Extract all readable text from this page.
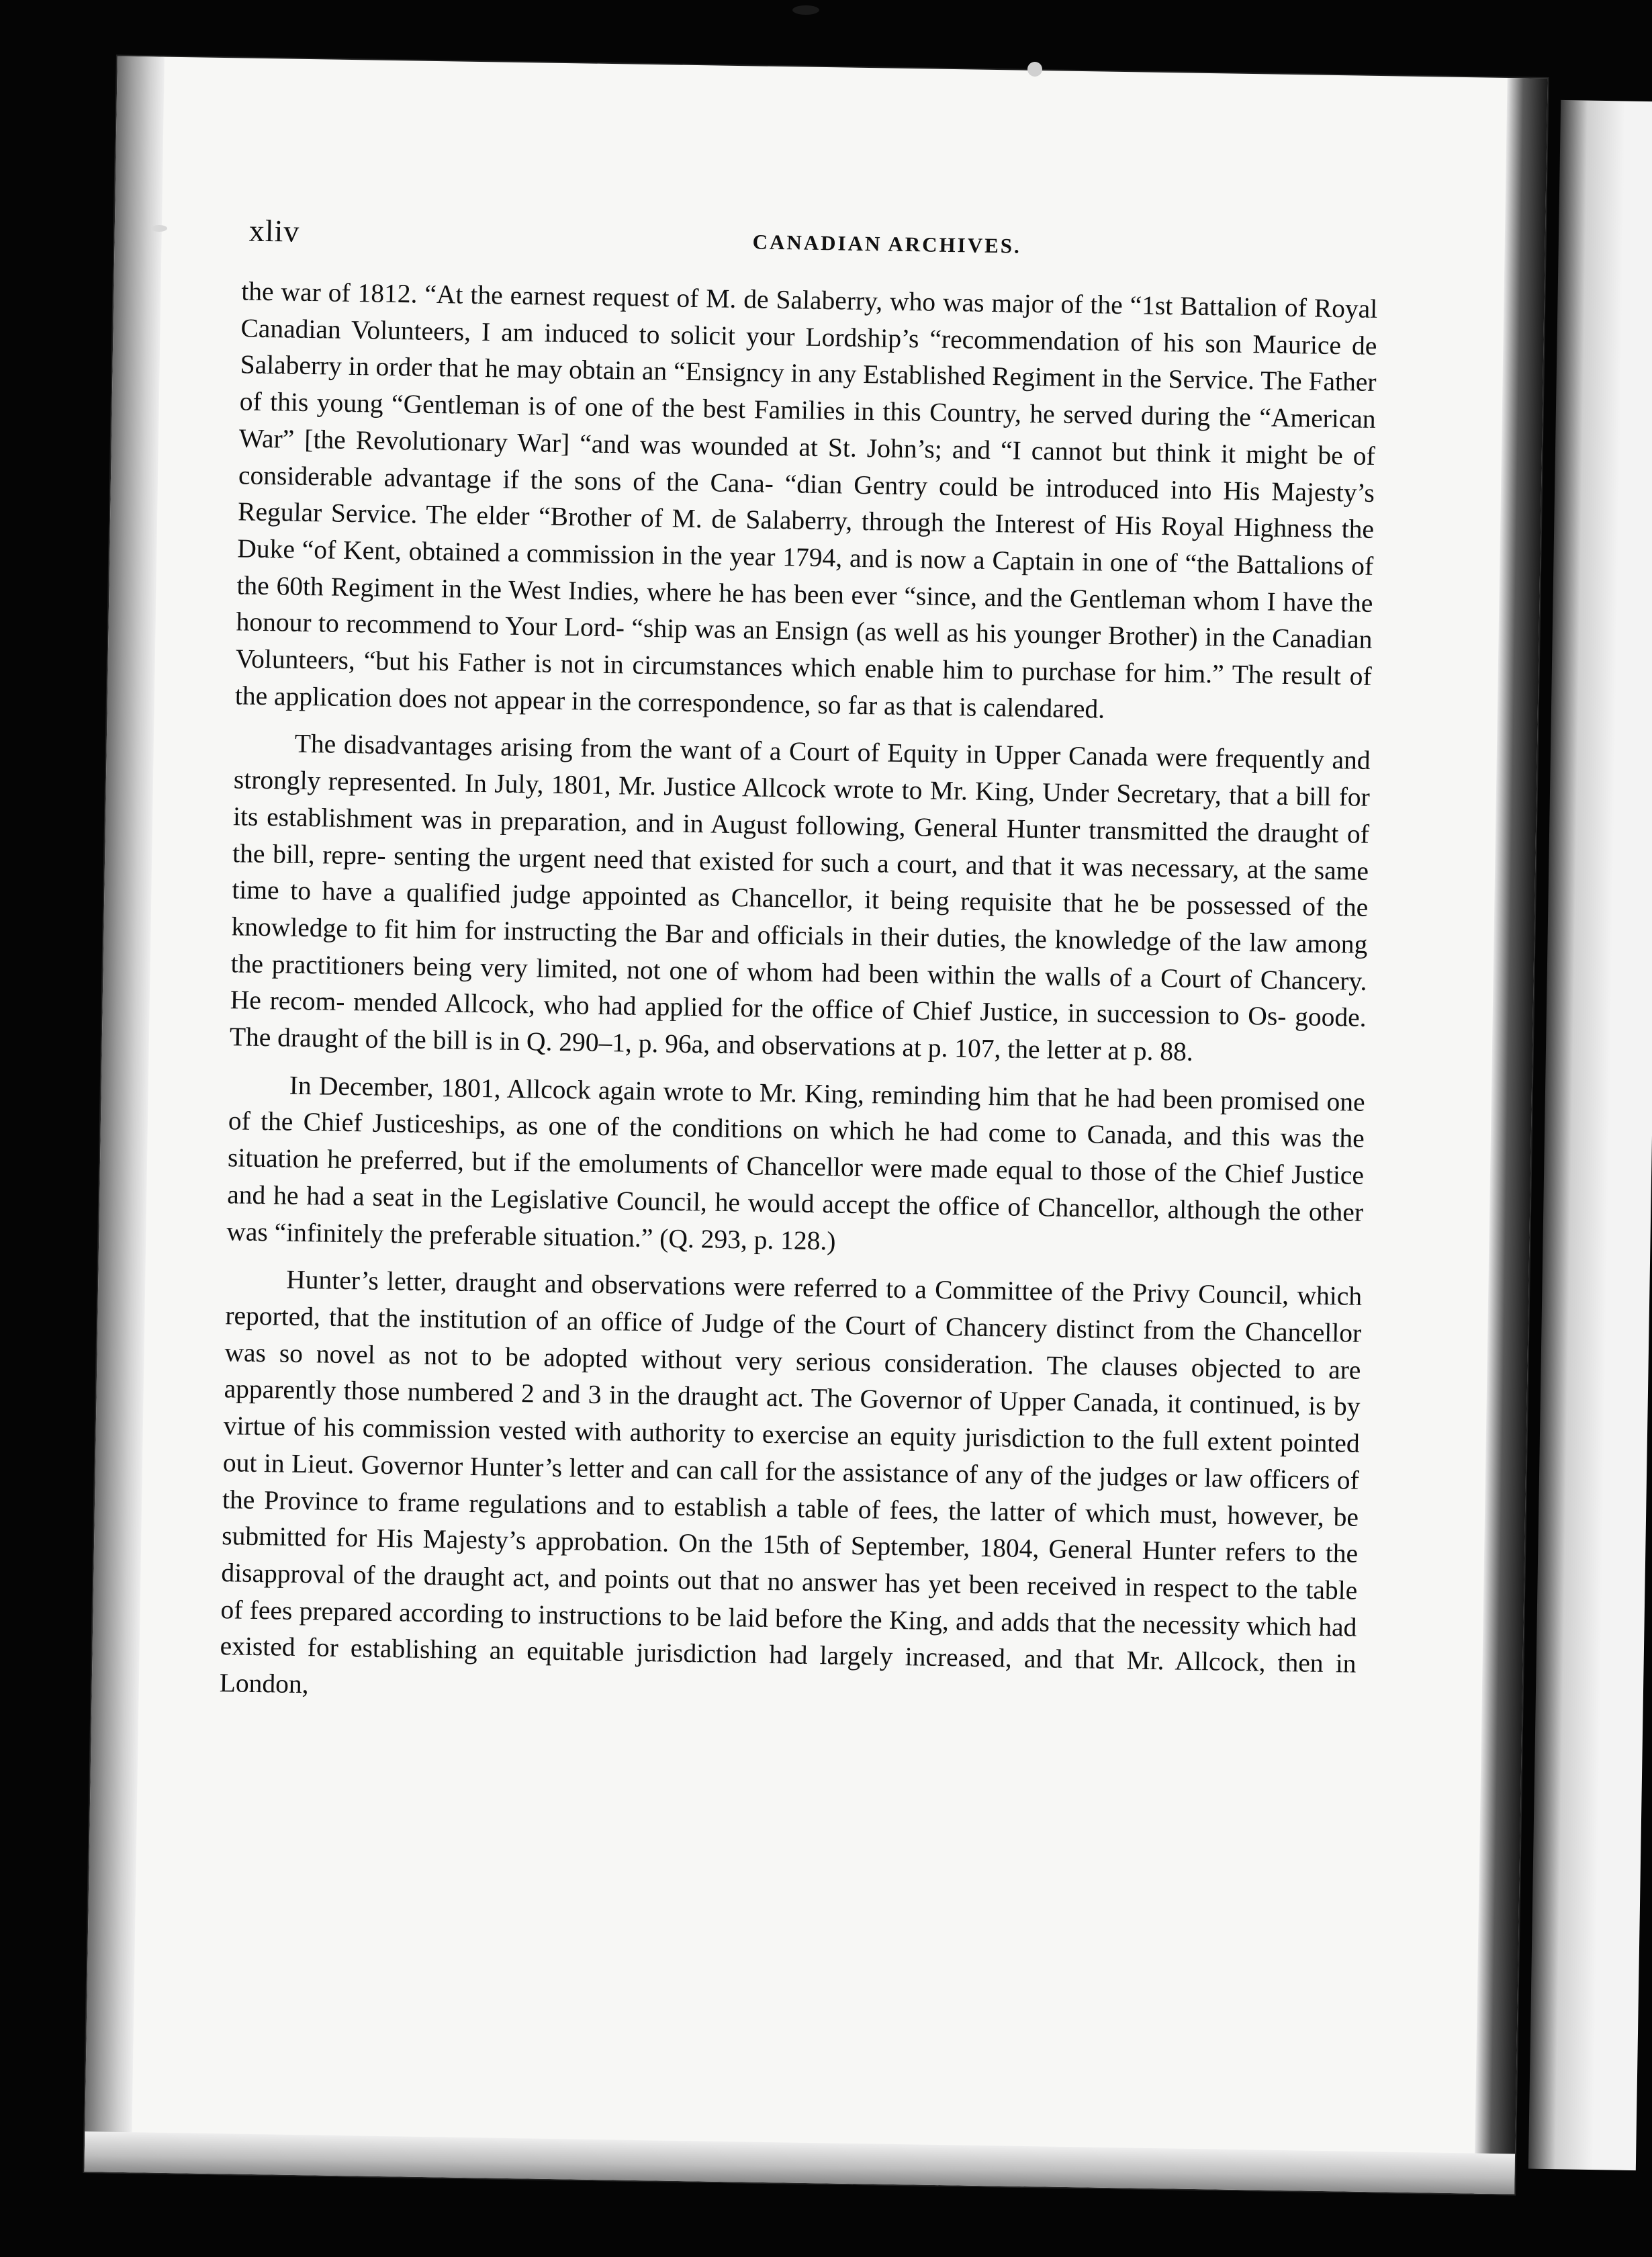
xliv	CANADIAN ARCHIVES.

the war of 1812. “At the earnest request of M. de Salaberry, who was major of the “1st Battalion of Royal Canadian Volunteers, I am induced to solicit your Lordship’s “recommendation of his son Maurice de Salaberry in order that he may obtain an “Ensigncy in any Established Regiment in the Service. The Father of this young “Gentleman is of one of the best Families in this Country, he served during the “American War” [the Revolutionary War] “and was wounded at St. John’s; and “I cannot but think it might be of considerable advantage if the sons of the Cana- “dian Gentry could be introduced into His Majesty’s Regular Service. The elder “Brother of M. de Salaberry, through the Interest of His Royal Highness the Duke “of Kent, obtained a commission in the year 1794, and is now a Captain in one of “the Battalions of the 60th Regiment in the West Indies, where he has been ever “since, and the Gentleman whom I have the honour to recommend to Your Lord- “ship was an Ensign (as well as his younger Brother) in the Canadian Volunteers, “but his Father is not in circumstances which enable him to purchase for him.” The result of the application does not appear in the correspondence, so far as that is calendared.

The disadvantages arising from the want of a Court of Equity in Upper Canada were frequently and strongly represented. In July, 1801, Mr. Justice Allcock wrote to Mr. King, Under Secretary, that a bill for its establishment was in preparation, and in August following, General Hunter transmitted the draught of the bill, repre- senting the urgent need that existed for such a court, and that it was necessary, at the same time to have a qualified judge appointed as Chancellor, it being requisite that he be possessed of the knowledge to fit him for instructing the Bar and officials in their duties, the knowledge of the law among the practitioners being very limited, not one of whom had been within the walls of a Court of Chancery. He recom- mended Allcock, who had applied for the office of Chief Justice, in succession to Os- goode. The draught of the bill is in Q. 290–1, p. 96a, and observations at p. 107, the letter at p. 88.

In December, 1801, Allcock again wrote to Mr. King, reminding him that he had been promised one of the Chief Justiceships, as one of the conditions on which he had come to Canada, and this was the situation he preferred, but if the emoluments of Chancellor were made equal to those of the Chief Justice and he had a seat in the Legislative Council, he would accept the office of Chancellor, although the other was “infinitely the preferable situation.” (Q. 293, p. 128.)

Hunter’s letter, draught and observations were referred to a Committee of the Privy Council, which reported, that the institution of an office of Judge of the Court of Chancery distinct from the Chancellor was so novel as not to be adopted without very serious consideration. The clauses objected to are apparently those numbered 2 and 3 in the draught act. The Governor of Upper Canada, it continued, is by virtue of his commission vested with authority to exercise an equity jurisdiction to the full extent pointed out in Lieut. Governor Hunter’s letter and can call for the assistance of any of the judges or law officers of the Province to frame regulations and to establish a table of fees, the latter of which must, however, be submitted for His Majesty’s approbation. On the 15th of September, 1804, General Hunter refers to the disapproval of the draught act, and points out that no answer has yet been received in respect to the table of fees prepared according to instructions to be laid before the King, and adds that the necessity which had existed for establishing an equitable jurisdiction had largely increased, and that Mr. Allcock, then in London,
